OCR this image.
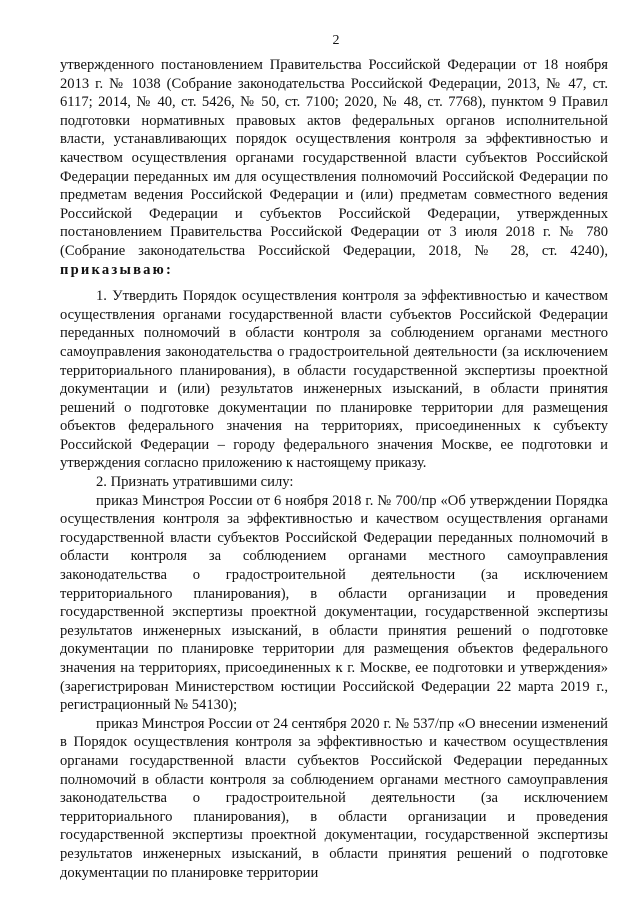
2

утвержденного постановлением Правительства Российской Федерации от 18 ноября 2013 г. № 1038 (Собрание законодательства Российской Федерации, 2013, № 47, ст. 6117; 2014, № 40, ст. 5426, № 50, ст. 7100; 2020, № 48, ст. 7768), пунктом 9 Правил подготовки нормативных правовых актов федеральных органов исполнительной власти, устанавливающих порядок осуществления контроля за эффективностью и качеством осуществления органами государственной власти субъектов Российской Федерации переданных им для осуществления полномочий Российской Федерации по предметам ведения Российской Федерации и (или) предметам совместного ведения Российской Федерации и субъектов Российской Федерации, утвержденных постановлением Правительства Российской Федерации от 3 июля 2018 г. № 780 (Собрание законодательства Российской Федерации, 2018, № 28, ст. 4240), приказываю:

1. Утвердить Порядок осуществления контроля за эффективностью и качеством осуществления органами государственной власти субъектов Российской Федерации переданных полномочий в области контроля за соблюдением органами местного самоуправления законодательства о градостроительной деятельности (за исключением территориального планирования), в области государственной экспертизы проектной документации и (или) результатов инженерных изысканий, в области принятия решений о подготовке документации по планировке территории для размещения объектов федерального значения на территориях, присоединенных к субъекту Российской Федерации – городу федерального значения Москве, ее подготовки и утверждения согласно приложению к настоящему приказу.

2. Признать утратившими силу:

приказ Минстроя России от 6 ноября 2018 г. № 700/пр «Об утверждении Порядка осуществления контроля за эффективностью и качеством осуществления органами государственной власти субъектов Российской Федерации переданных полномочий в области контроля за соблюдением органами местного самоуправления законодательства о градостроительной деятельности (за исключением территориального планирования), в области организации и проведения государственной экспертизы проектной документации, государственной экспертизы результатов инженерных изысканий, в области принятия решений о подготовке документации по планировке территории для размещения объектов федерального значения на территориях, присоединенных к г. Москве, ее подготовки и утверждения» (зарегистрирован Министерством юстиции Российской Федерации 22 марта 2019 г., регистрационный № 54130);

приказ Минстроя России от 24 сентября 2020 г. № 537/пр «О внесении изменений в Порядок осуществления контроля за эффективностью и качеством осуществления органами государственной власти субъектов Российской Федерации переданных полномочий в области контроля за соблюдением органами местного самоуправления законодательства о градостроительной деятельности (за исключением территориального планирования), в области организации и проведения государственной экспертизы проектной документации, государственной экспертизы результатов инженерных изысканий, в области принятия решений о подготовке документации по планировке территории
